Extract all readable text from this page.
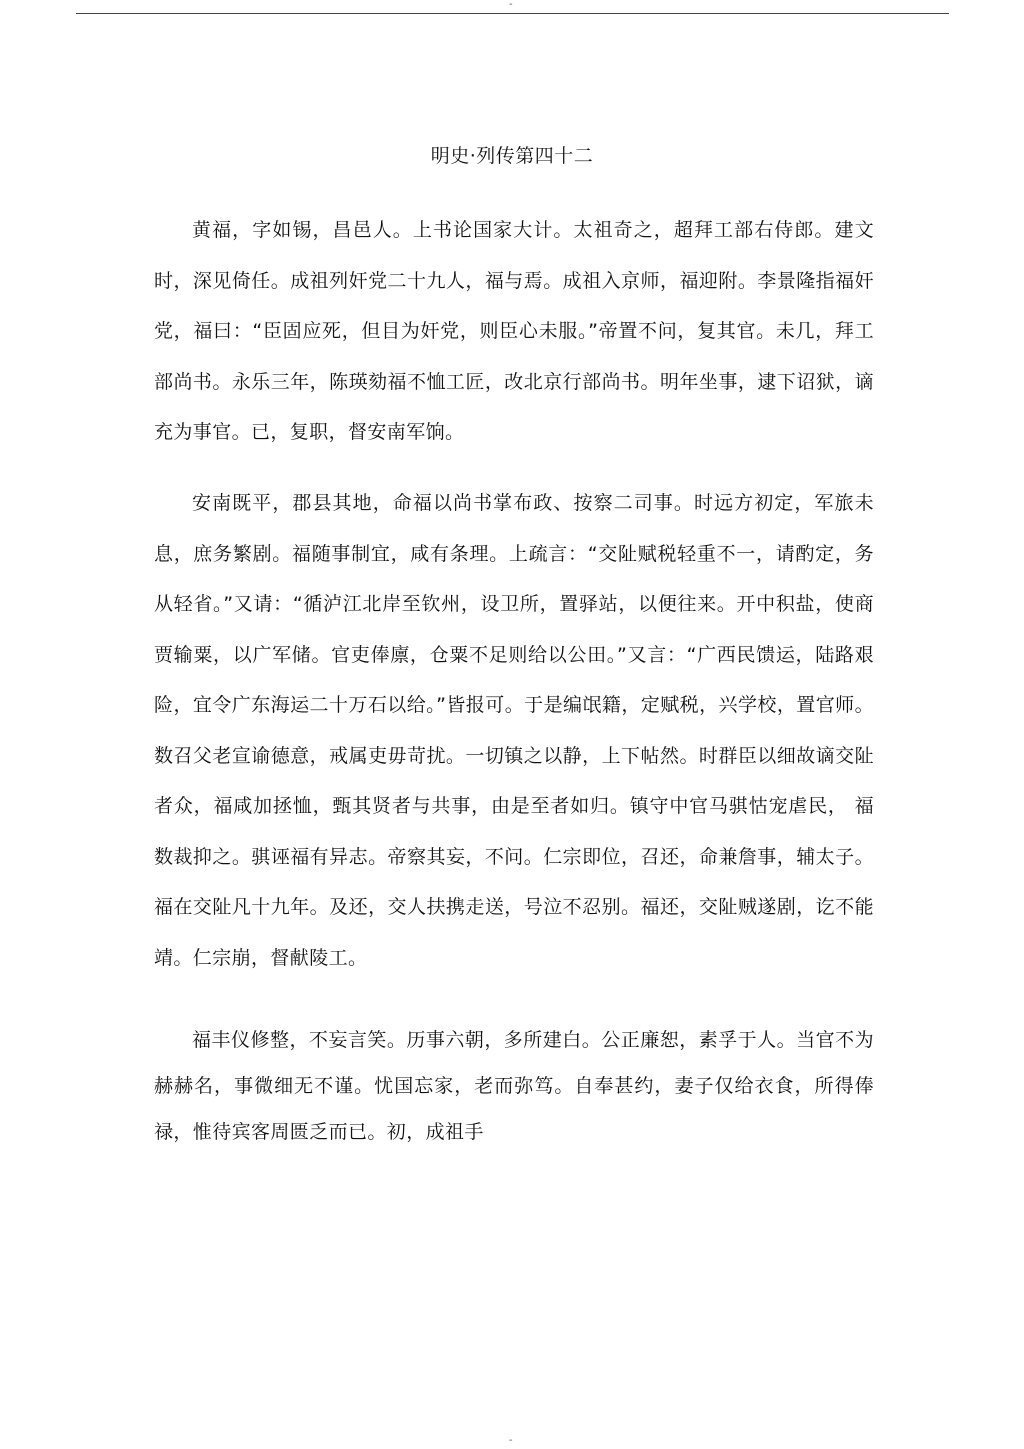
-
明史·列传第四十二

黄福，字如锡，昌邑人。上书论国家大计。太祖奇之，超拜工部右侍郎。建文时，深见倚任。成祖列奸党二十九人，福与焉。成祖入京师，福迎附。李景隆指福奸党，福曰：“臣固应死，但目为奸党，则臣心未服。”帝置不问，复其官。未几，拜工部尚书。永乐三年，陈瑛劾福不恤工匠，改北京行部尚书。明年坐事，逮下诏狱，谪充为事官。已，复职，督安南军饷。

安南既平，郡县其地，命福以尚书掌布政、按察二司事。时远方初定，军旅未息，庶务繁剧。福随事制宜，咸有条理。上疏言：“交阯赋税轻重不一，请酌定，务从轻省。”又请：“循泸江北岸至钦州，设卫所，置驿站，以便往来。开中积盐，使商贾输粟，以广军储。官吏俸廪，仓粟不足则给以公田。”又言：“广西民馈运，陆路艰险，宜令广东海运二十万石以给。”皆报可。于是编氓籍，定赋税，兴学校，置官师。数召父老宣谕德意，戒属吏毋苛扰。一切镇之以静，上下帖然。时群臣以细故谪交阯者众，福咸加拯恤，甄其贤者与共事，由是至者如归。镇守中官马骐怙宠虐民， 福数裁抑之。骐诬福有异志。帝察其妄，不问。仁宗即位，召还，命兼詹事，辅太子。福在交阯凡十九年。及还，交人扶携走送，号泣不忍别。福还，交阯贼遂剧，讫不能靖。仁宗崩，督献陵工。

福丰仪修整，不妄言笑。历事六朝，多所建白。公正廉恕，素孚于人。当官不为赫赫名，事微细无不谨。忧国忘家，老而弥笃。自奉甚约，妻子仅给衣食，所得俸禄，惟待宾客周匮乏而已。初，成祖手

-
